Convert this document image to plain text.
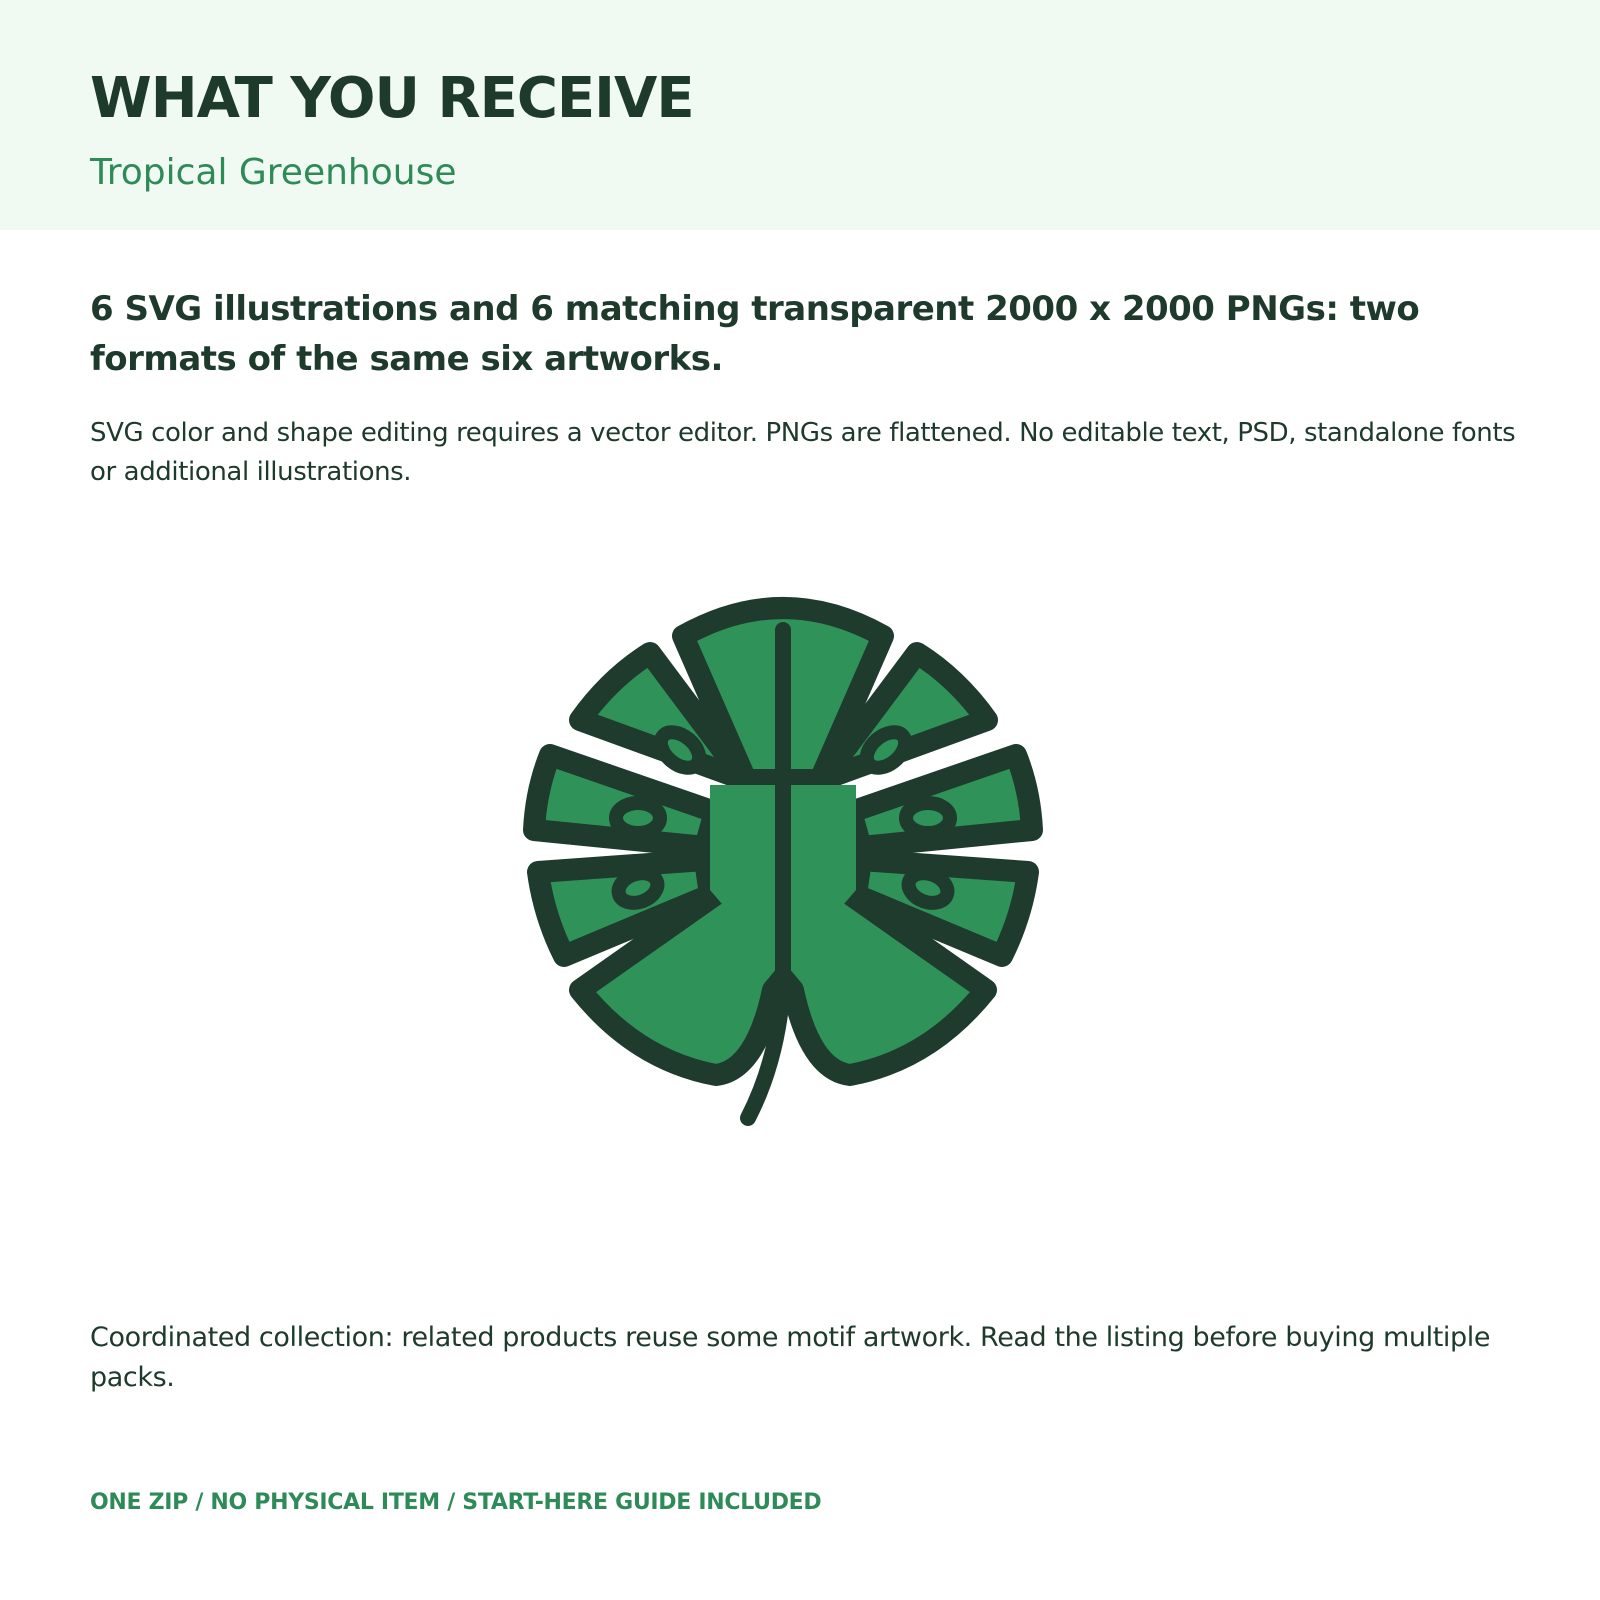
WHAT YOU RECEIVE
Tropical Greenhouse

6 SVG illustrations and 6 matching transparent 2000 x 2000 PNGs: two formats of the same six artworks.

SVG color and shape editing requires a vector editor. PNGs are flattened. No editable text, PSD, standalone fonts or additional illustrations.

Coordinated collection: related products reuse some motif artwork. Read the listing before buying multiple packs.

ONE ZIP / NO PHYSICAL ITEM / START-HERE GUIDE INCLUDED
